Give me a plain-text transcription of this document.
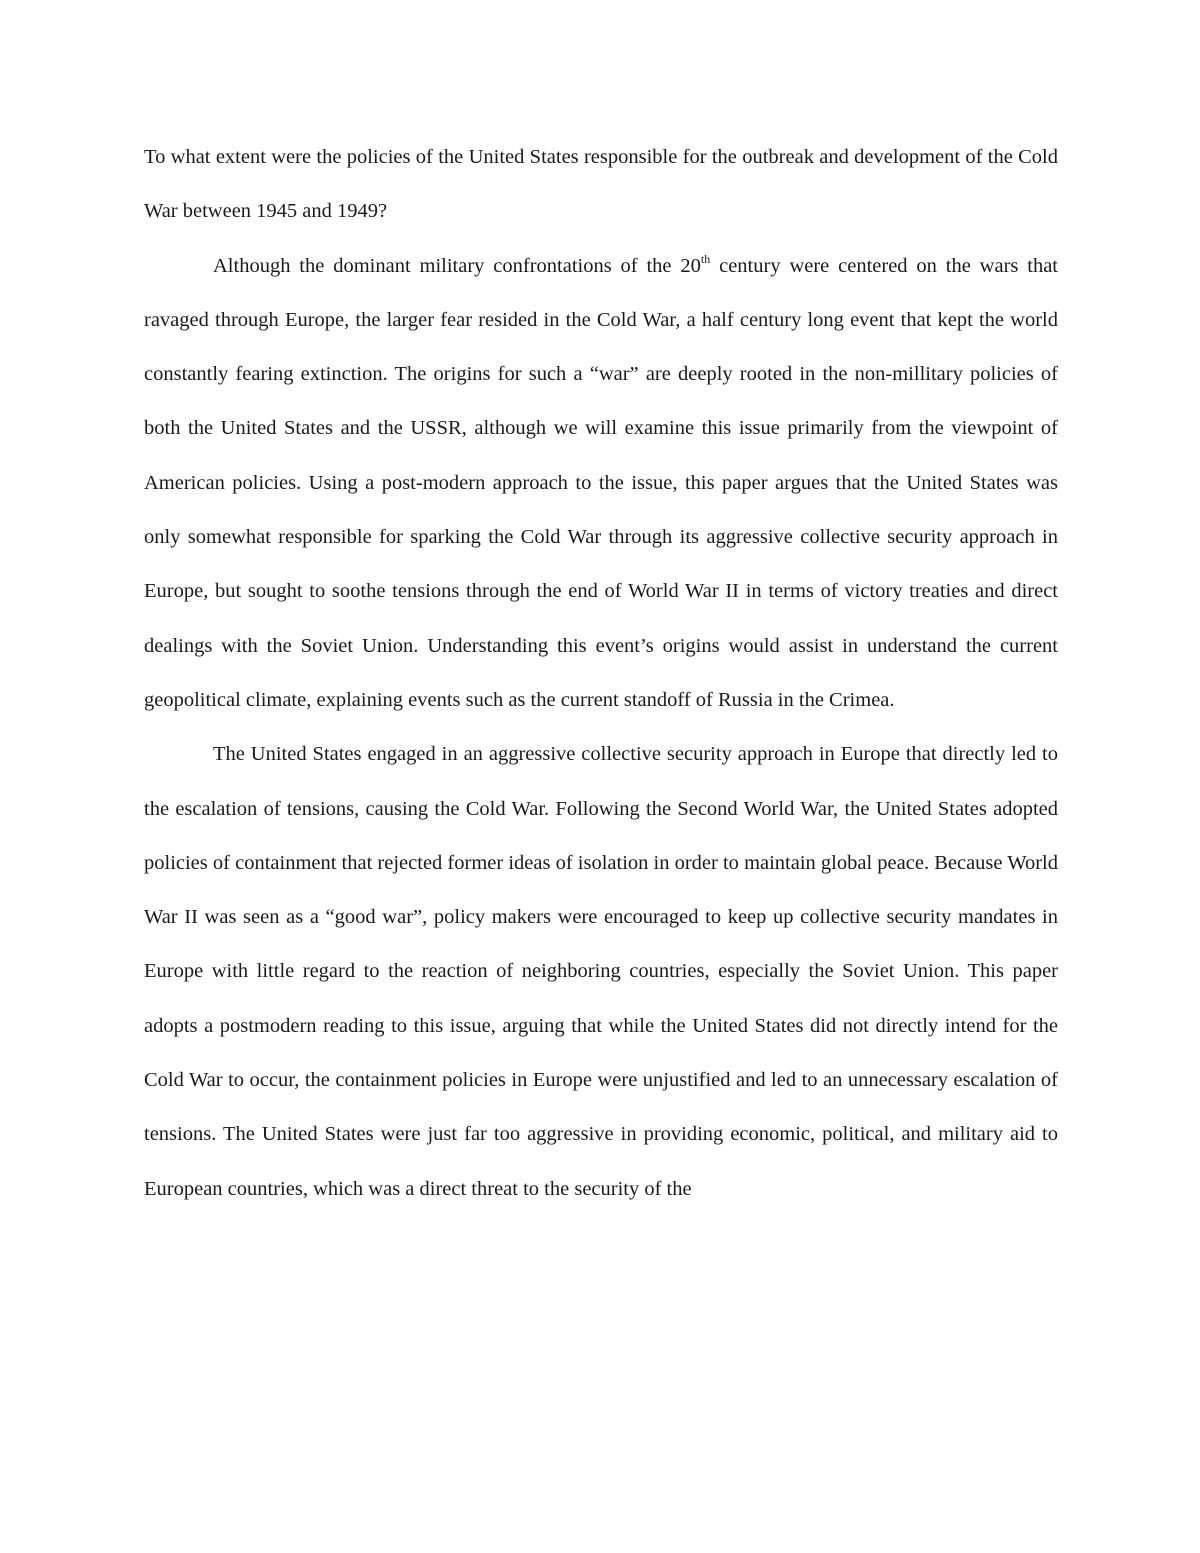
To what extent were the policies of the United States responsible for the outbreak and development of the Cold War between 1945 and 1949?

Although the dominant military confrontations of the 20th century were centered on the wars that ravaged through Europe, the larger fear resided in the Cold War, a half century long event that kept the world constantly fearing extinction. The origins for such a “war” are deeply rooted in the non-millitary policies of both the United States and the USSR, although we will examine this issue primarily from the viewpoint of American policies. Using a post-modern approach to the issue, this paper argues that the United States was only somewhat responsible for sparking the Cold War through its aggressive collective security approach in Europe, but sought to soothe tensions through the end of World War II in terms of victory treaties and direct dealings with the Soviet Union. Understanding this event’s origins would assist in understand the current geopolitical climate, explaining events such as the current standoff of Russia in the Crimea.

The United States engaged in an aggressive collective security approach in Europe that directly led to the escalation of tensions, causing the Cold War. Following the Second World War, the United States adopted policies of containment that rejected former ideas of isolation in order to maintain global peace. Because World War II was seen as a “good war”, policy makers were encouraged to keep up collective security mandates in Europe with little regard to the reaction of neighboring countries, especially the Soviet Union. This paper adopts a postmodern reading to this issue, arguing that while the United States did not directly intend for the Cold War to occur, the containment policies in Europe were unjustified and led to an unnecessary escalation of tensions. The United States were just far too aggressive in providing economic, political, and military aid to European countries, which was a direct threat to the security of the
